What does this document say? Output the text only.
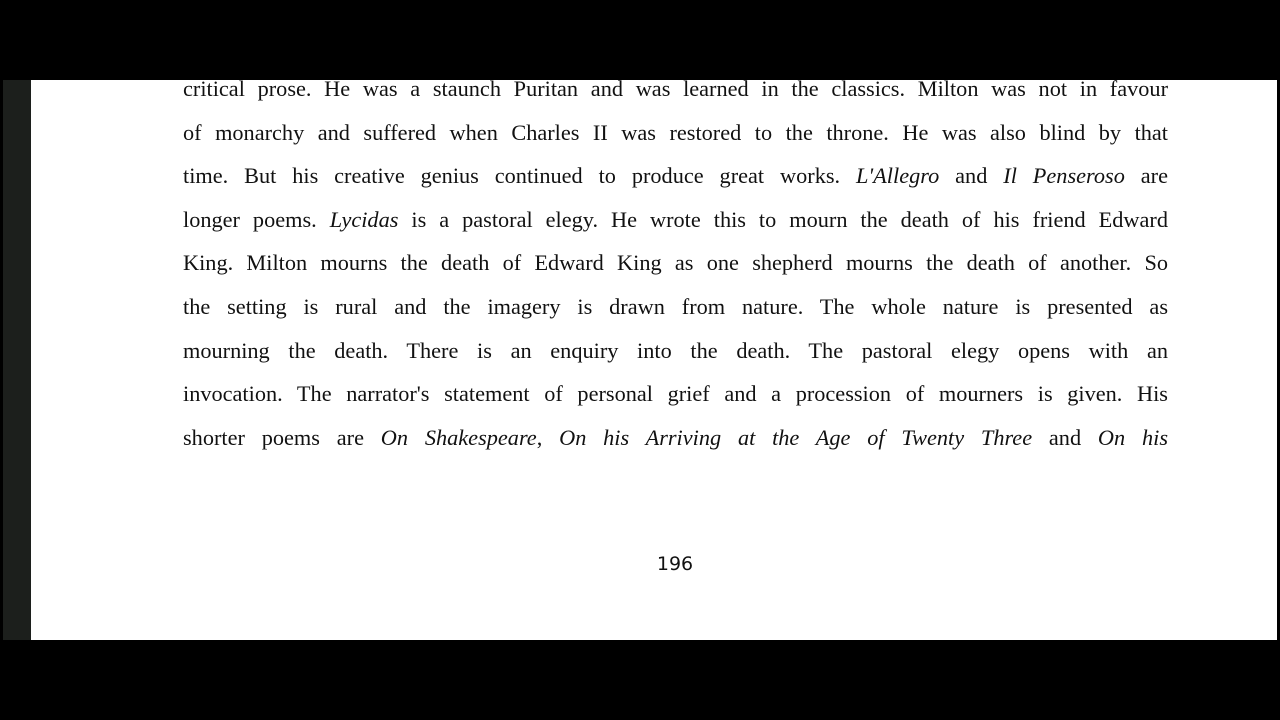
critical prose. He was a staunch Puritan and was learned in the classics. Milton was not in favour
of monarchy and suffered when Charles II was restored to the throne. He was also blind by that
time. But his creative genius continued to produce great works. L'Allegro and Il Penseroso are
longer poems. Lycidas is a pastoral elegy. He wrote this to mourn the death of his friend Edward
King. Milton mourns the death of Edward King as one shepherd mourns the death of another. So
the setting is rural and the imagery is drawn from nature. The whole nature is presented as
mourning the death. There is an enquiry into the death. The pastoral elegy opens with an
invocation. The narrator's statement of personal grief and a procession of mourners is given. His
shorter poems are On Shakespeare, On his Arriving at the Age of Twenty Three and On his
196
